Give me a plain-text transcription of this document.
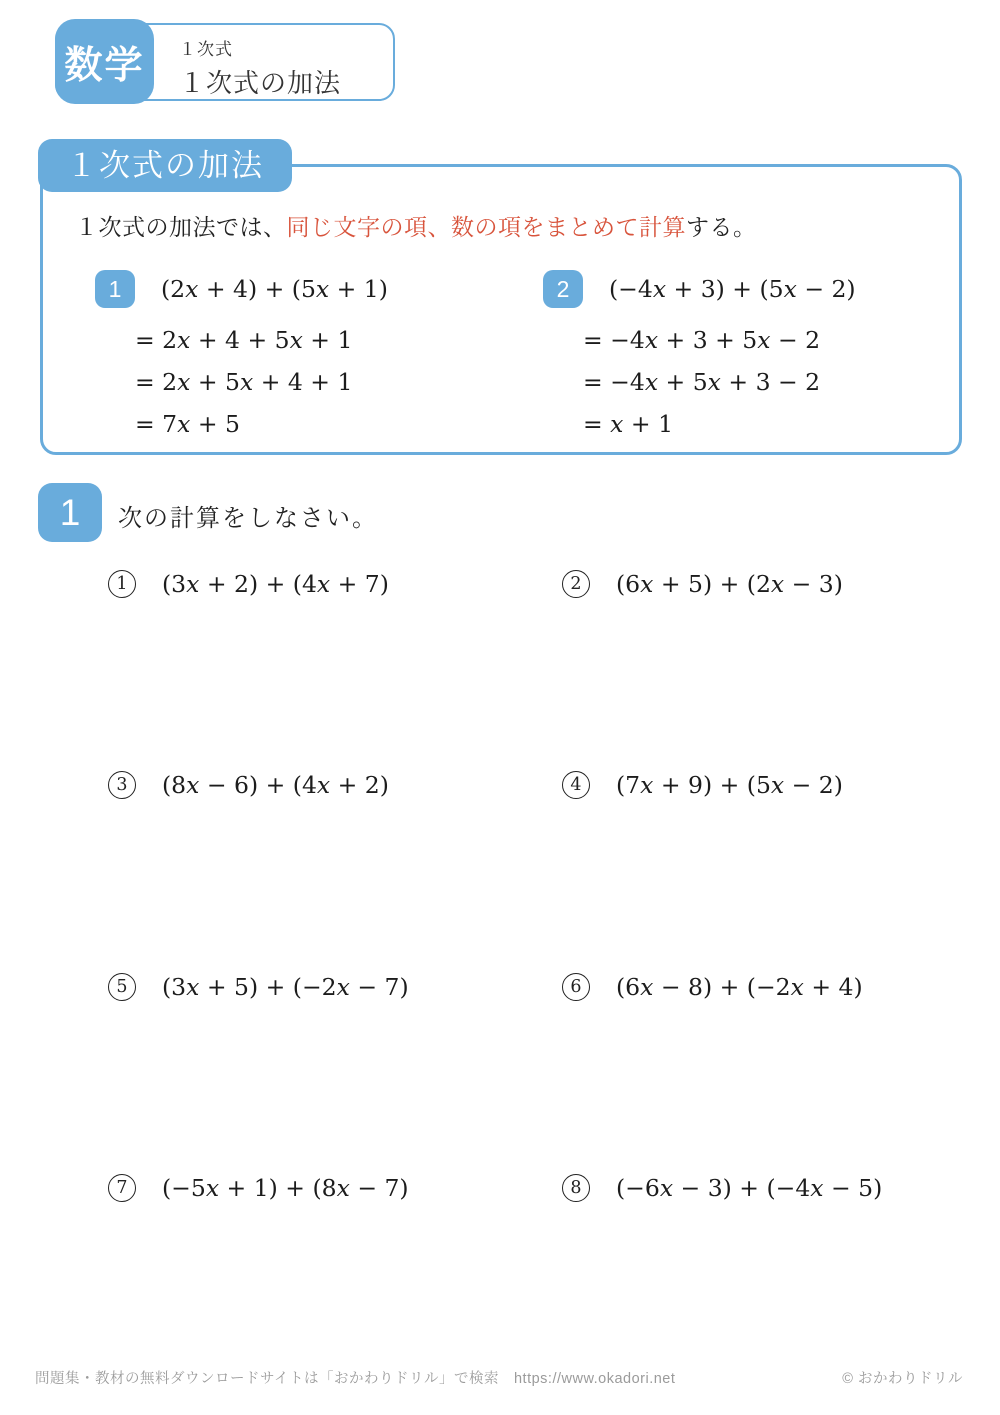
１次式
１次式の加法
数学
１次式の加法

１次式の加法では、同じ文字の項、数の項をまとめて計算する。

1	(2x + 4) + (5x + 1)
= 2x + 4 + 5x + 1
= 2x + 5x + 4 + 1
= 7x + 5
2	(−4x + 3) + (5x − 2)
= −4x + 3 + 5x − 2
= −4x + 5x + 3 − 2
= x + 1
1	次の計算をしなさい。
1	(3x + 2) + (4x + 7)	2	(6x + 5) + (2x − 3)
3	(8x − 6) + (4x + 2)	4	(7x + 9) + (5x − 2)
5	(3x + 5) + (−2x − 7)	6	(6x − 8) + (−2x + 4)
7	(−5x + 1) + (8x − 7)	8	(−6x − 3) + (−4x − 5)
問題集・教材の無料ダウンロードサイトは「おかわりドリル」で検索　https://www.okadori.net	© おかわりドリル
